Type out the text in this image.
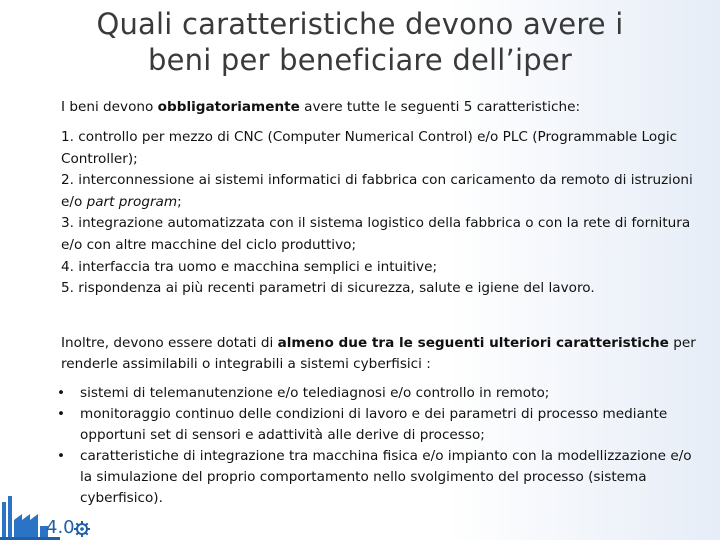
Quali caratteristiche devono avere i
beni per beneficiare dell’iper
I beni devono obbligatoriamente avere tutte le seguenti 5 caratteristiche:
1. controllo per mezzo di CNC (Computer Numerical Control) e/o PLC (Programmable Logic Controller);
2. interconnessione ai sistemi informatici di fabbrica con caricamento da remoto di istruzioni e/o part program;
3. integrazione automatizzata con il sistema logistico della fabbrica o con la rete di fornitura e/o con altre macchine del ciclo produttivo;
4. interfaccia tra uomo e macchina semplici e intuitive;
5. rispondenza ai più recenti parametri di sicurezza, salute e igiene del lavoro.
Inoltre, devono essere dotati di almeno due tra le seguenti ulteriori caratteristiche per renderle assimilabili o integrabili a sistemi cyberfisici :
• sistemi di telemanutenzione e/o telediagnosi e/o controllo in remoto;
• monitoraggio continuo delle condizioni di lavoro e dei parametri di processo mediante opportuni set di sensori e adattività alle derive di processo;
• caratteristiche di integrazione tra macchina fisica e/o impianto con la modellizzazione e/o la simulazione del proprio comportamento nello svolgimento del processo (sistema cyberfisico).
4.0
